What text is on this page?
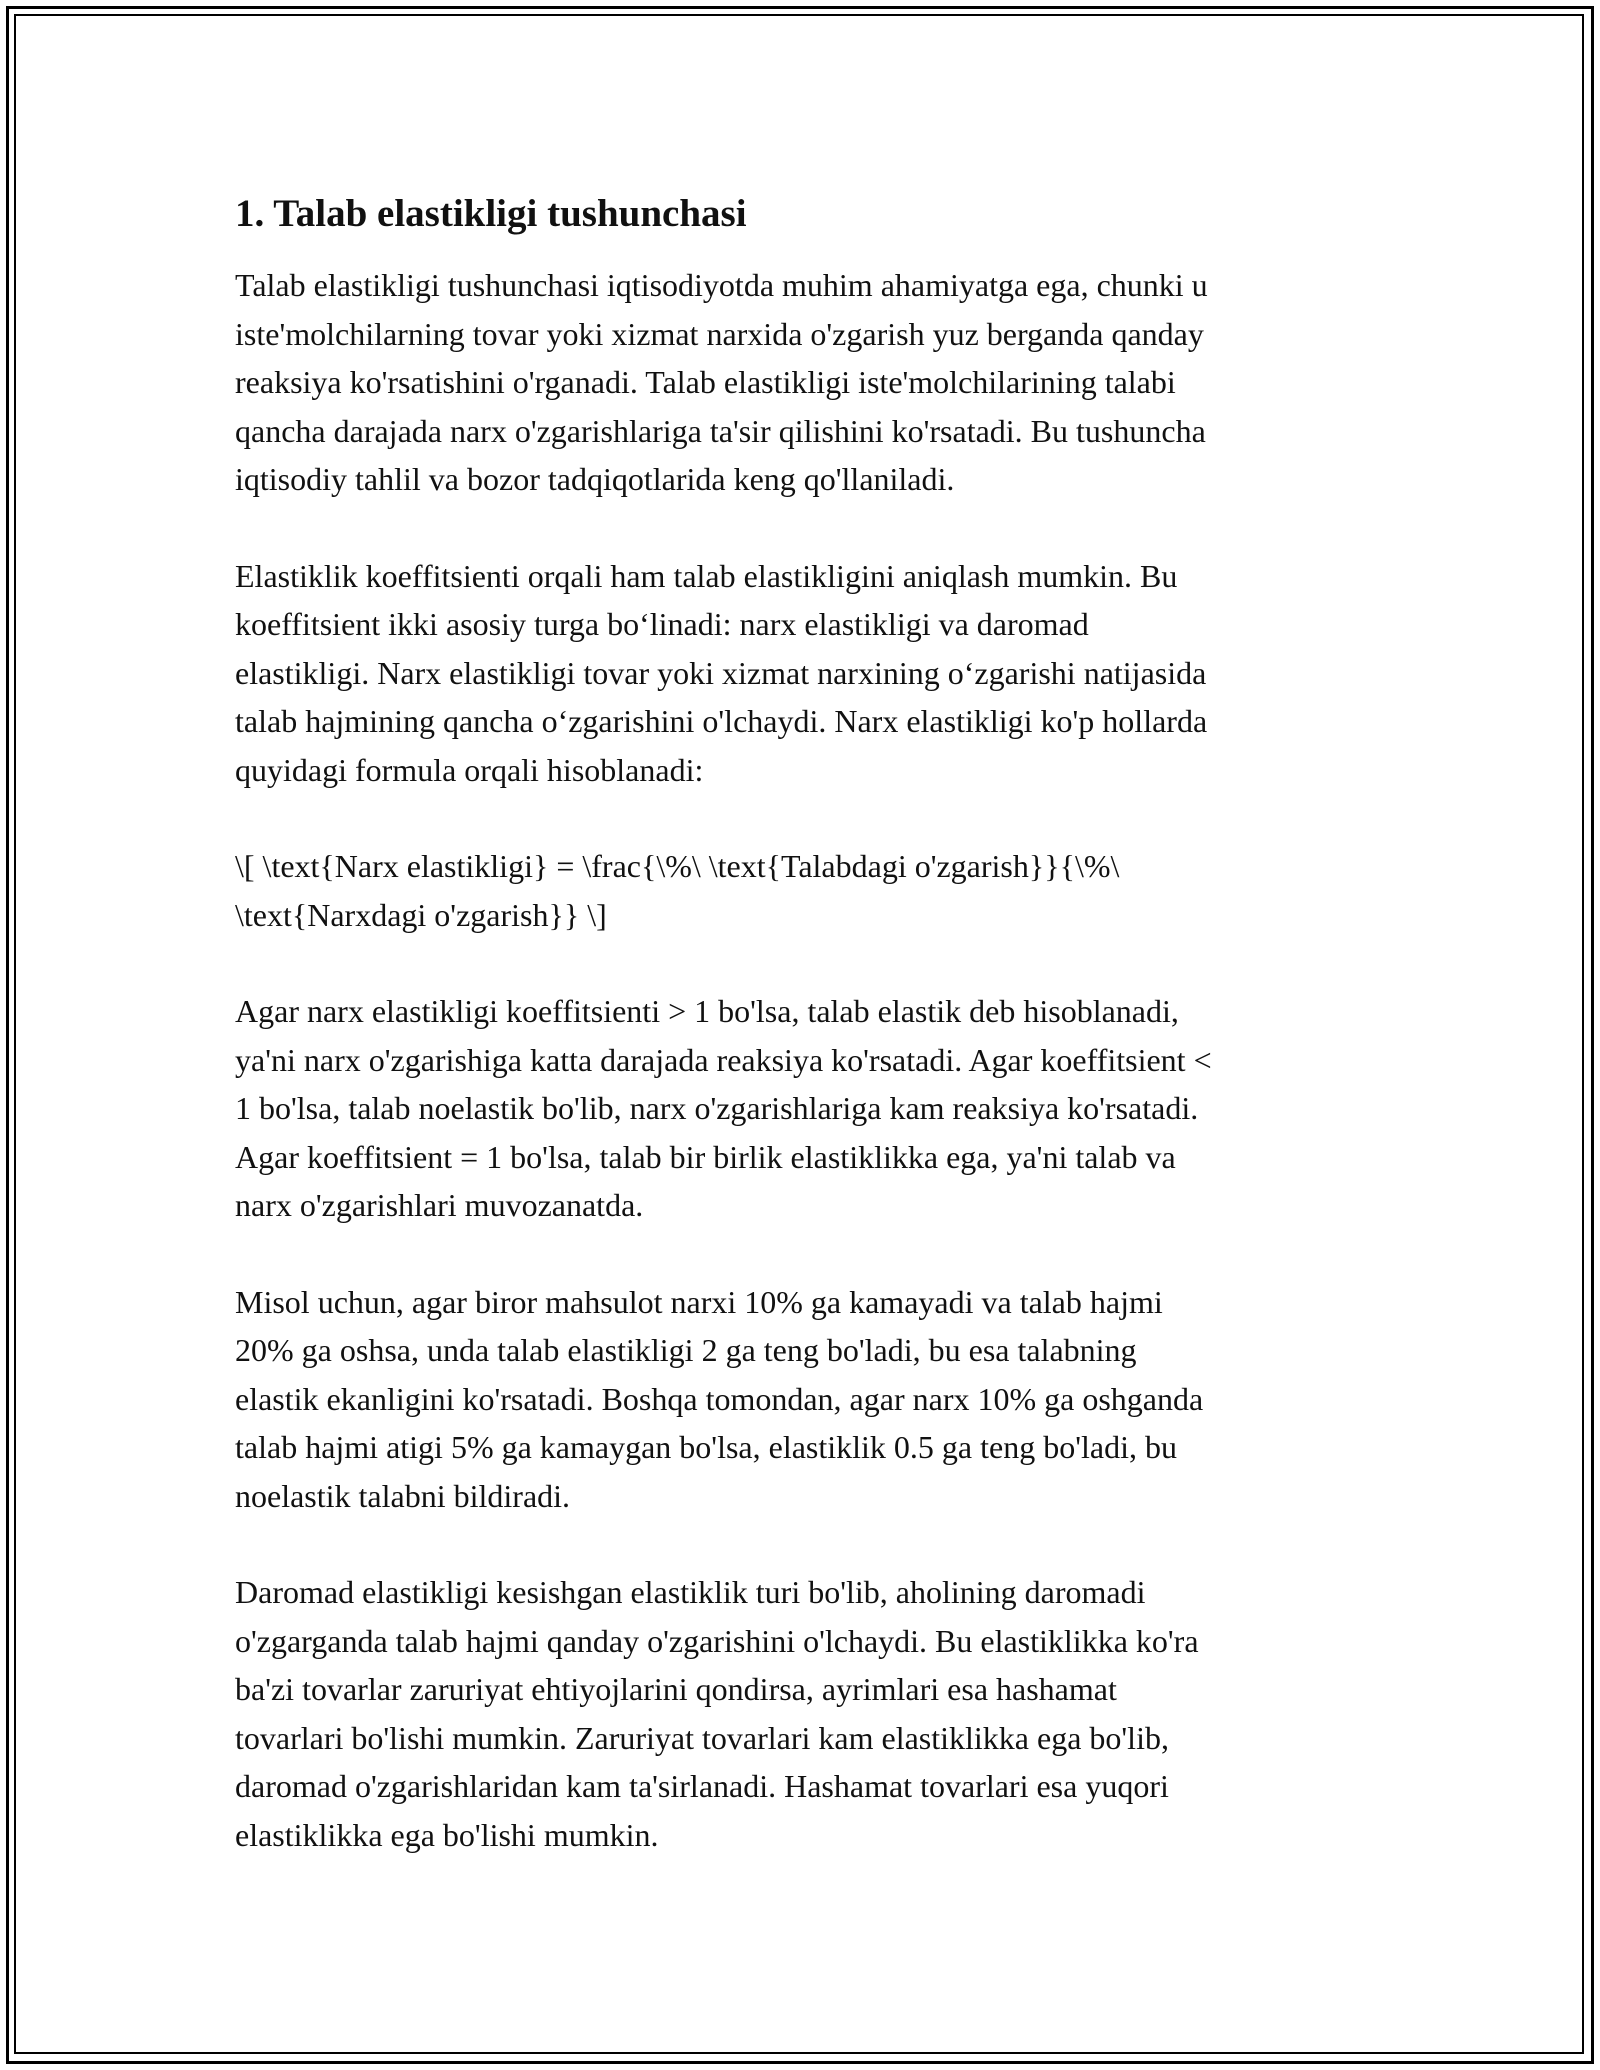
1. Talab elastikligi tushunchasi
Talab elastikligi tushunchasi iqtisodiyotda muhim ahamiyatga ega, chunki u
iste'molchilarning tovar yoki xizmat narxida o'zgarish yuz berganda qanday
reaksiya ko'rsatishini o'rganadi. Talab elastikligi iste'molchilarining talabi
qancha darajada narx o'zgarishlariga ta'sir qilishini ko'rsatadi. Bu tushuncha
iqtisodiy tahlil va bozor tadqiqotlarida keng qo'llaniladi.
Elastiklik koeffitsienti orqali ham talab elastikligini aniqlash mumkin. Bu
koeffitsient ikki asosiy turga bo‘linadi: narx elastikligi va daromad
elastikligi. Narx elastikligi tovar yoki xizmat narxining o‘zgarishi natijasida
talab hajmining qancha o‘zgarishini o'lchaydi. Narx elastikligi ko'p hollarda
quyidagi formula orqali hisoblanadi:
\[ \text{Narx elastikligi} = \frac{\%\ \text{Talabdagi o'zgarish}}{\%\
\text{Narxdagi o'zgarish}} \]
Agar narx elastikligi koeffitsienti > 1 bo'lsa, talab elastik deb hisoblanadi,
ya'ni narx o'zgarishiga katta darajada reaksiya ko'rsatadi. Agar koeffitsient <
1 bo'lsa, talab noelastik bo'lib, narx o'zgarishlariga kam reaksiya ko'rsatadi.
Agar koeffitsient = 1 bo'lsa, talab bir birlik elastiklikka ega, ya'ni talab va
narx o'zgarishlari muvozanatda.
Misol uchun, agar biror mahsulot narxi 10% ga kamayadi va talab hajmi
20% ga oshsa, unda talab elastikligi 2 ga teng bo'ladi, bu esa talabning
elastik ekanligini ko'rsatadi. Boshqa tomondan, agar narx 10% ga oshganda
talab hajmi atigi 5% ga kamaygan bo'lsa, elastiklik 0.5 ga teng bo'ladi, bu
noelastik talabni bildiradi.
Daromad elastikligi kesishgan elastiklik turi bo'lib, aholining daromadi
o'zgarganda talab hajmi qanday o'zgarishini o'lchaydi. Bu elastiklikka ko'ra
ba'zi tovarlar zaruriyat ehtiyojlarini qondirsa, ayrimlari esa hashamat
tovarlari bo'lishi mumkin. Zaruriyat tovarlari kam elastiklikka ega bo'lib,
daromad o'zgarishlaridan kam ta'sirlanadi. Hashamat tovarlari esa yuqori
elastiklikka ega bo'lishi mumkin.
